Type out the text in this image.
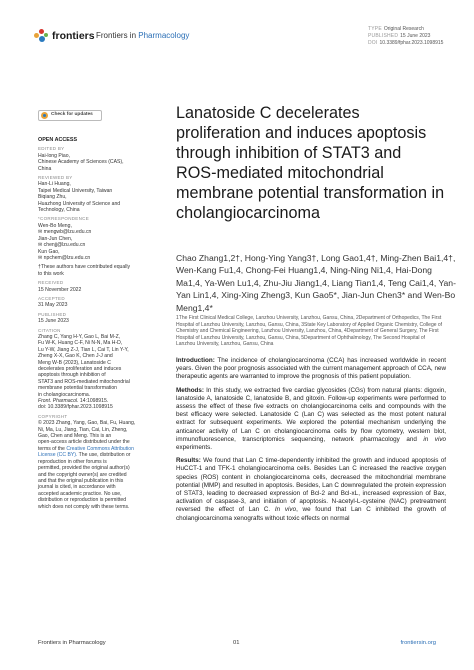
frontiers Frontiers in Pharmacology
TYPE Original Research
PUBLISHED 15 June 2023
DOI 10.3389/fphar.2023.1098915
Check for updates
OPEN ACCESS
EDITED BY
Hai-long Piao,
Chinese Academy of Sciences (CAS),
China
REVIEWED BY
Han-Li Huang,
Taipei Medical University, Taiwan
Biqiang Zhu,
Huazhong University of Science and
Technology, China
*CORRESPONDENCE
Wen-Bo Meng,
✉ mengwb@lzu.edu.cn
Jian-Jun Chen,
✉ chenjj@lzu.edu.cn
Kun Gao,
✉ npchem@lzu.edu.cn
†These authors have contributed equally
to this work
RECEIVED
15 November 2022
ACCEPTED
31 May 2023
PUBLISHED
15 June 2023
CITATION
Zhang C, Yang H-Y, Gao L, Bai M-Z,
Fu W-K, Huang C-F, Ni N-N, Ma H-D,
Lu Y-W, Jiang Z-J, Tian L, Cai T, Lin Y-Y,
Zheng X-X, Gao K, Chen J-J and
Meng W-B (2023), Lanatoside C
decelerates proliferation and induces
apoptosis through inhibition of
STAT3 and ROS-mediated mitochondrial
membrane potential transformation
in cholangiocarcinoma.
Front. Pharmacol. 14:1098915.
doi: 10.3389/fphar.2023.1098915
COPYRIGHT
© 2023 Zhang, Yang, Gao, Bai, Fu, Huang,
Ni, Ma, Lu, Jiang, Tian, Cai, Lin, Zheng,
Gao, Chen and Meng. This is an
open-access article distributed under the
terms of the Creative Commons Attribution
License (CC BY). The use, distribution or
reproduction in other forums is
permitted, provided the original author(s)
and the copyright owner(s) are credited
and that the original publication in this
journal is cited, in accordance with
accepted academic practice. No use,
distribution or reproduction is permitted
which does not comply with these terms.
Lanatoside C decelerates proliferation and induces apoptosis through inhibition of STAT3 and ROS-mediated mitochondrial membrane potential transformation in cholangiocarcinoma
Chao Zhang1,2†, Hong-Ying Yang3†, Long Gao1,4†, Ming-Zhen Bai1,4†, Wen-Kang Fu1,4, Chong-Fei Huang1,4, Ning-Ning Ni1,4, Hai-Dong Ma1,4, Ya-Wen Lu1,4, Zhu-Jiu Jiang1,4, Liang Tian1,4, Teng Cai1,4, Yan-Yan Lin1,4, Xing-Xing Zheng3, Kun Gao5*, Jian-Jun Chen3* and Wen-Bo Meng1,4*
1The First Clinical Medical College, Lanzhou University, Lanzhou, Gansu, China, 2Department of Orthopedics, The First Hospital of Lanzhou University, Lanzhou, Gansu, China, 3State Key Laboratory of Applied Organic Chemistry, College of Chemistry and Chemical Engineering, Lanzhou University, Lanzhou, China, 4Department of General Surgery, The First Hospital of Lanzhou University, Lanzhou, Gansu, China, 5Department of Ophthalmology, The Second Hospital of Lanzhou University, Lanzhou, Gansu, China

Introduction: The incidence of cholangiocarcinoma (CCA) has increased worldwide in recent years. Given the poor prognosis associated with the current management approach of CCA, new therapeutic agents are warranted to improve the prognosis of this patient population.

Methods: In this study, we extracted five cardiac glycosides (CGs) from natural plants: digoxin, lanatoside A, lanatoside C, lanatoside B, and gitoxin. Follow-up experiments were performed to assess the effect of these five extracts on cholangiocarcinoma cells and compounds with the best efficacy were selected. Lanatoside C (Lan C) was selected as the most potent natural extract for subsequent experiments. We explored the potential mechanism underlying the anticancer activity of Lan C on cholangiocarcinoma cells by flow cytometry, western blot, immunofluorescence, transcriptomics sequencing, network pharmacology and in vivo experiments.

Results: We found that Lan C time-dependently inhibited the growth and induced apoptosis of HuCCT-1 and TFK-1 cholangiocarcinoma cells. Besides Lan C increased the reactive oxygen species (ROS) content in cholangiocarcinoma cells, decreased the mitochondrial membrane potential (MMP) and resulted in apoptosis. Besides, Lan C downregulated the protein expression of STAT3, leading to decreased expression of Bcl-2 and Bcl-xL, increased expression of Bax, activation of caspase-3, and initiation of apoptosis. N-acetyl-L-cysteine (NAC) pretreatment reversed the effect of Lan C. In vivo, we found that Lan C inhibited the growth of cholangiocarcinoma xenografts without toxic effects on normal

Frontiers in Pharmacology	01	frontiersin.org
